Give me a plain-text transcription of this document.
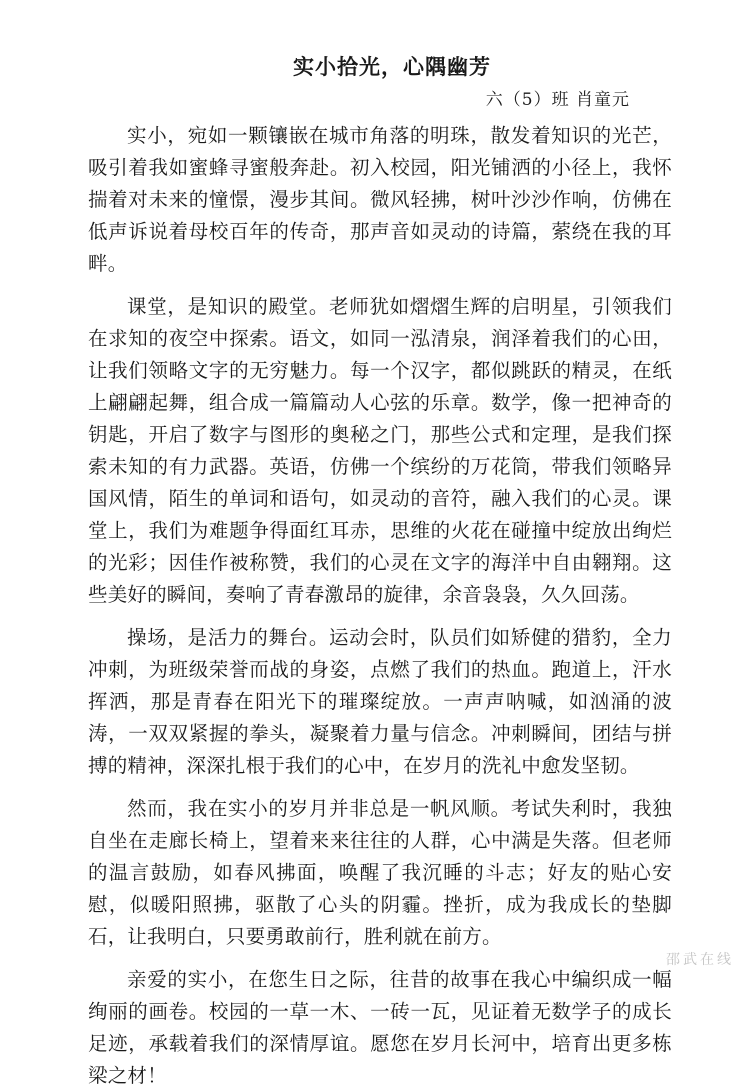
实小拾光，心隅幽芳
六（5）班 肖童元

实小，宛如一颗镶嵌在城市角落的明珠，散发着知识的光芒，吸引着我如蜜蜂寻蜜般奔赴。初入校园，阳光铺洒的小径上，我怀揣着对未来的憧憬，漫步其间。微风轻拂，树叶沙沙作响，仿佛在低声诉说着母校百年的传奇，那声音如灵动的诗篇，萦绕在我的耳畔。

课堂，是知识的殿堂。老师犹如熠熠生辉的启明星，引领我们在求知的夜空中探索。语文，如同一泓清泉，润泽着我们的心田，让我们领略文字的无穷魅力。每一个汉字，都似跳跃的精灵，在纸上翩翩起舞，组合成一篇篇动人心弦的乐章。数学，像一把神奇的钥匙，开启了数字与图形的奥秘之门，那些公式和定理，是我们探索未知的有力武器。英语，仿佛一个缤纷的万花筒，带我们领略异国风情，陌生的单词和语句，如灵动的音符，融入我们的心灵。课堂上，我们为难题争得面红耳赤，思维的火花在碰撞中绽放出绚烂的光彩；因佳作被称赞，我们的心灵在文字的海洋中自由翱翔。这些美好的瞬间，奏响了青春激昂的旋律，余音袅袅，久久回荡。

操场，是活力的舞台。运动会时，队员们如矫健的猎豹，全力冲刺，为班级荣誉而战的身姿，点燃了我们的热血。跑道上，汗水挥洒，那是青春在阳光下的璀璨绽放。一声声呐喊，如汹涌的波涛，一双双紧握的拳头，凝聚着力量与信念。冲刺瞬间，团结与拼搏的精神，深深扎根于我们的心中，在岁月的洗礼中愈发坚韧。

然而，我在实小的岁月并非总是一帆风顺。考试失利时，我独自坐在走廊长椅上，望着来来往往的人群，心中满是失落。但老师的温言鼓励，如春风拂面，唤醒了我沉睡的斗志；好友的贴心安慰，似暖阳照拂，驱散了心头的阴霾。挫折，成为我成长的垫脚石，让我明白，只要勇敢前行，胜利就在前方。

亲爱的实小，在您生日之际，往昔的故事在我心中编织成一幅绚丽的画卷。校园的一草一木、一砖一瓦，见证着无数学子的成长足迹，承载着我们的深情厚谊。愿您在岁月长河中，培育出更多栋梁之材！

邵武在线
